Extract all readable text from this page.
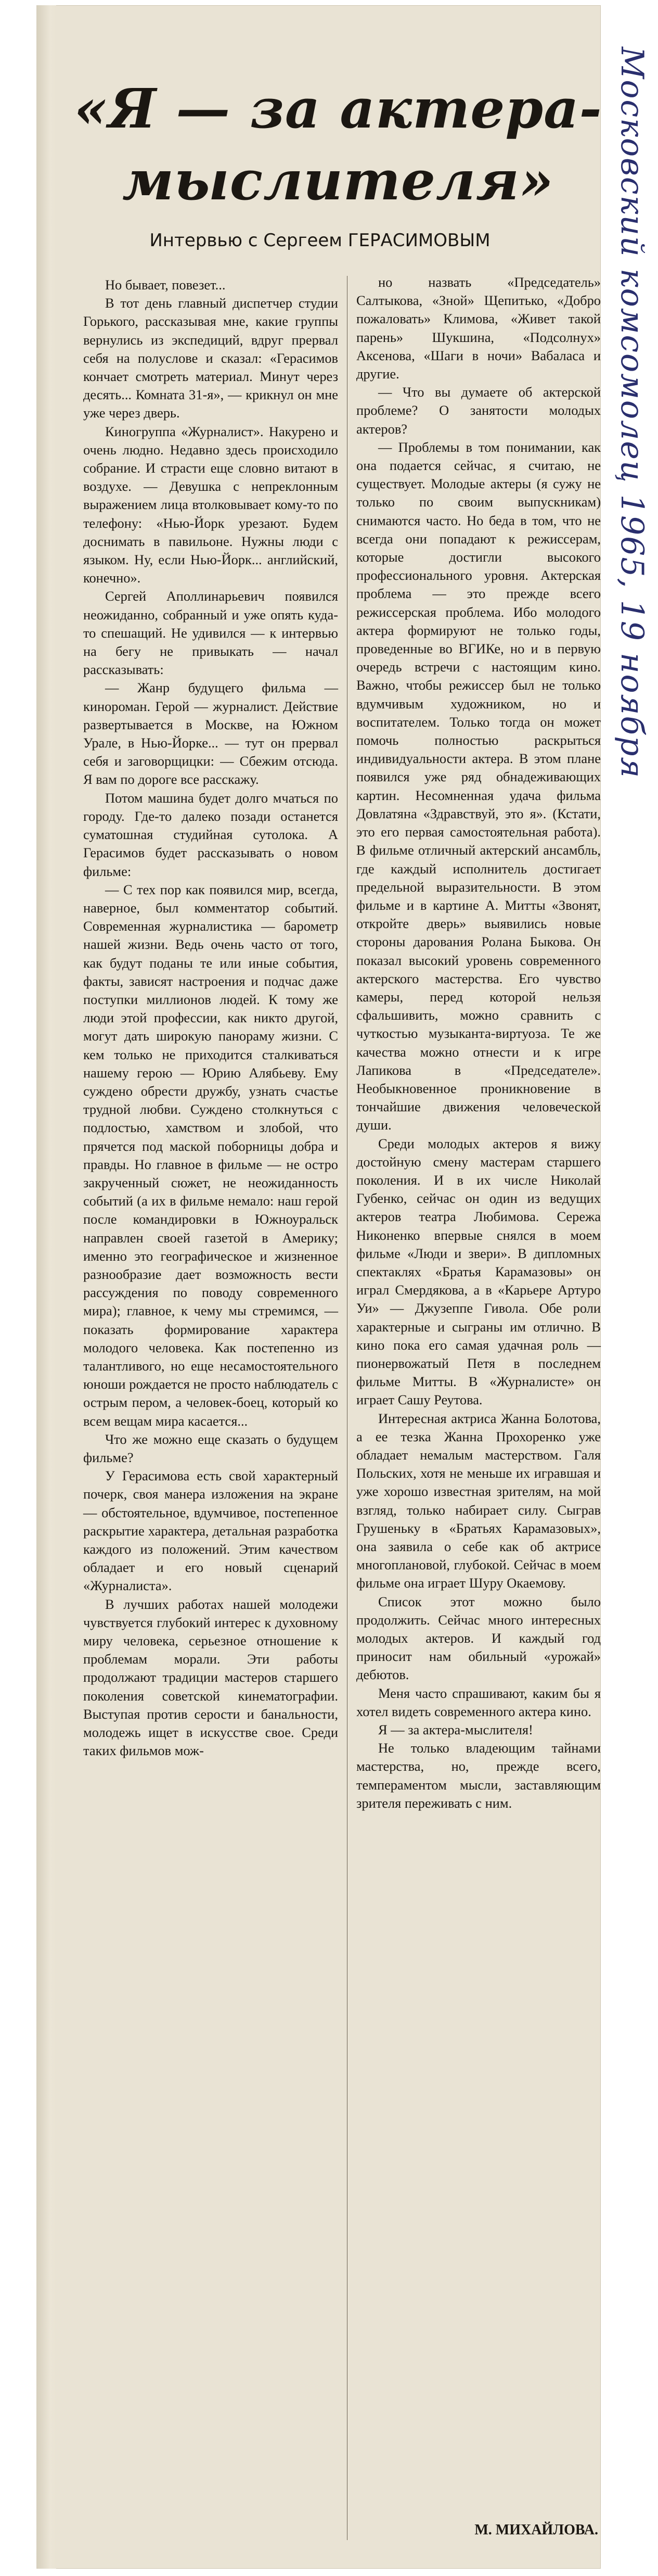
«Я — за актера-
мыслителя»

Интервью с Сергеем ГЕРАСИМОВЫМ

Но бывает, повезет...

В тот день главный диспетчер студии Горького, рассказывая мне, какие группы вернулись из экспедиций, вдруг прервал себя на полуслове и сказал: «Герасимов кончает смотреть материал. Минут через десять... Комната 31-я», — крикнул он мне уже через дверь.

Киногруппа «Журналист». Накурено и очень людно. Недавно здесь происходило собрание. И страсти еще словно витают в воздухе. — Девушка с непреклонным выражением лица втолковывает кому-то по телефону: «Нью-Йорк урезают. Будем доснимать в павильоне. Нужны люди с языком. Ну, если Нью-Йорк... английский, конечно».

Сергей Аполлинарьевич появился неожиданно, собранный и уже опять куда-то спешащий. Не удивился — к интервью на бегу не привыкать — начал рассказывать:

— Жанр будущего фильма — кинороман. Герой — журналист. Действие развертывается в Москве, на Южном Урале, в Нью-Йорке... — тут он прервал себя и заговорщицки: — Сбежим отсюда. Я вам по дороге все расскажу.

Потом машина будет долго мчаться по городу. Где-то далеко позади останется суматошная студийная сутолока. А Герасимов будет рассказывать о новом фильме:

— С тех пор как появился мир, всегда, наверное, был комментатор событий. Современная журналистика — барометр нашей жизни. Ведь очень часто от того, как будут поданы те или иные события, факты, зависят настроения и подчас даже поступки миллионов людей. К тому же люди этой профессии, как никто другой, могут дать широкую панораму жизни. С кем только не приходится сталкиваться нашему герою — Юрию Алябьеву. Ему суждено обрести дружбу, узнать счастье трудной любви. Суждено столкнуться с подлостью, хамством и злобой, что прячется под маской поборницы добра и правды. Но главное в фильме — не остро закрученный сюжет, не неожиданность событий (а их в фильме немало: наш герой после командировки в Южноуральск направлен своей газетой в Америку; именно это географическое и жизненное разнообразие дает возможность вести рассуждения по поводу современного мира); главное, к чему мы стремимся, — показать формирование характера молодого человека. Как постепенно из талантливого, но еще несамостоятельного юноши рождается не просто наблюдатель с острым пером, а человек-боец, который ко всем вещам мира касается...

Что же можно еще сказать о будущем фильме?

У Герасимова есть свой характерный почерк, своя манера изложения на экране — обстоятельное, вдумчивое, постепенное раскрытие характера, детальная разработка каждого из положений. Этим качеством обладает и его новый сценарий «Журналиста».

В лучших работах нашей молодежи чувствуется глубокий интерес к духовному миру человека, серьезное отношение к проблемам морали. Эти работы продолжают традиции мастеров старшего поколения советской кинематографии. Выступая против серости и банальности, молодежь ищет в искусстве свое. Среди таких фильмов мож-

но назвать «Председатель» Салтыкова, «Зной» Щепитько, «Добро пожаловать» Климова, «Живет такой парень» Шукшина, «Подсолнух» Аксенова, «Шаги в ночи» Вабаласа и другие.

— Что вы думаете об актерской проблеме? О занятости молодых актеров?

— Проблемы в том понимании, как она подается сейчас, я считаю, не существует. Молодые актеры (я сужу не только по своим выпускникам) снимаются часто. Но беда в том, что не всегда они попадают к режиссерам, которые достигли высокого профессионального уровня. Актерская проблема — это прежде всего режиссерская проблема. Ибо молодого актера формируют не только годы, проведенные во ВГИКе, но и в первую очередь встречи с настоящим кино. Важно, чтобы режиссер был не только вдумчивым художником, но и воспитателем. Только тогда он может помочь полностью раскрыться индивидуальности актера. В этом плане появился уже ряд обнадеживающих картин. Несомненная удача фильма Довлатяна «Здравствуй, это я». (Кстати, это его первая самостоятельная работа). В фильме отличный актерский ансамбль, где каждый исполнитель достигает предельной выразительности. В этом фильме и в картине А. Митты «Звонят, откройте дверь» выявились новые стороны дарования Ролана Быкова. Он показал высокий уровень современного актерского мастерства. Его чувство камеры, перед которой нельзя сфальшивить, можно сравнить с чуткостью музыканта-виртуоза. Те же качества можно отнести и к игре Лапикова в «Председателе». Необыкновенное проникновение в тончайшие движения человеческой души.

Среди молодых актеров я вижу достойную смену мастерам старшего поколения. И в их числе Николай Губенко, сейчас он один из ведущих актеров театра Любимова. Сережа Никоненко впервые снялся в моем фильме «Люди и звери». В дипломных спектаклях «Братья Карамазовы» он играл Смердякова, а в «Карьере Артуро Уи» — Джузеппе Гивола. Обе роли характерные и сыграны им отлично. В кино пока его самая удачная роль — пионервожатый Петя в последнем фильме Митты. В «Журналисте» он играет Сашу Реутова.

Интересная актриса Жанна Болотова, а ее тезка Жанна Прохоренко уже обладает немалым мастерством. Галя Польских, хотя не меньше их игравшая и уже хорошо известная зрителям, на мой взгляд, только набирает силу. Сыграв Грушеньку в «Братьях Карамазовых», она заявила о себе как об актрисе многоплановой, глубокой. Сейчас в моем фильме она играет Шуру Окаемову.

Список этот можно было продолжить. Сейчас много интересных молодых актеров. И каждый год приносит нам обильный «урожай» дебютов.

Меня часто спрашивают, каким бы я хотел видеть современного актера кино.

Я — за актера-мыслителя!

Не только владеющим тайнами мастерства, но, прежде всего, темпераментом мысли, заставляющим зрителя переживать с ним.

М. МИХАЙЛОВА.

Московский комсомолец 1965, 19 ноября
